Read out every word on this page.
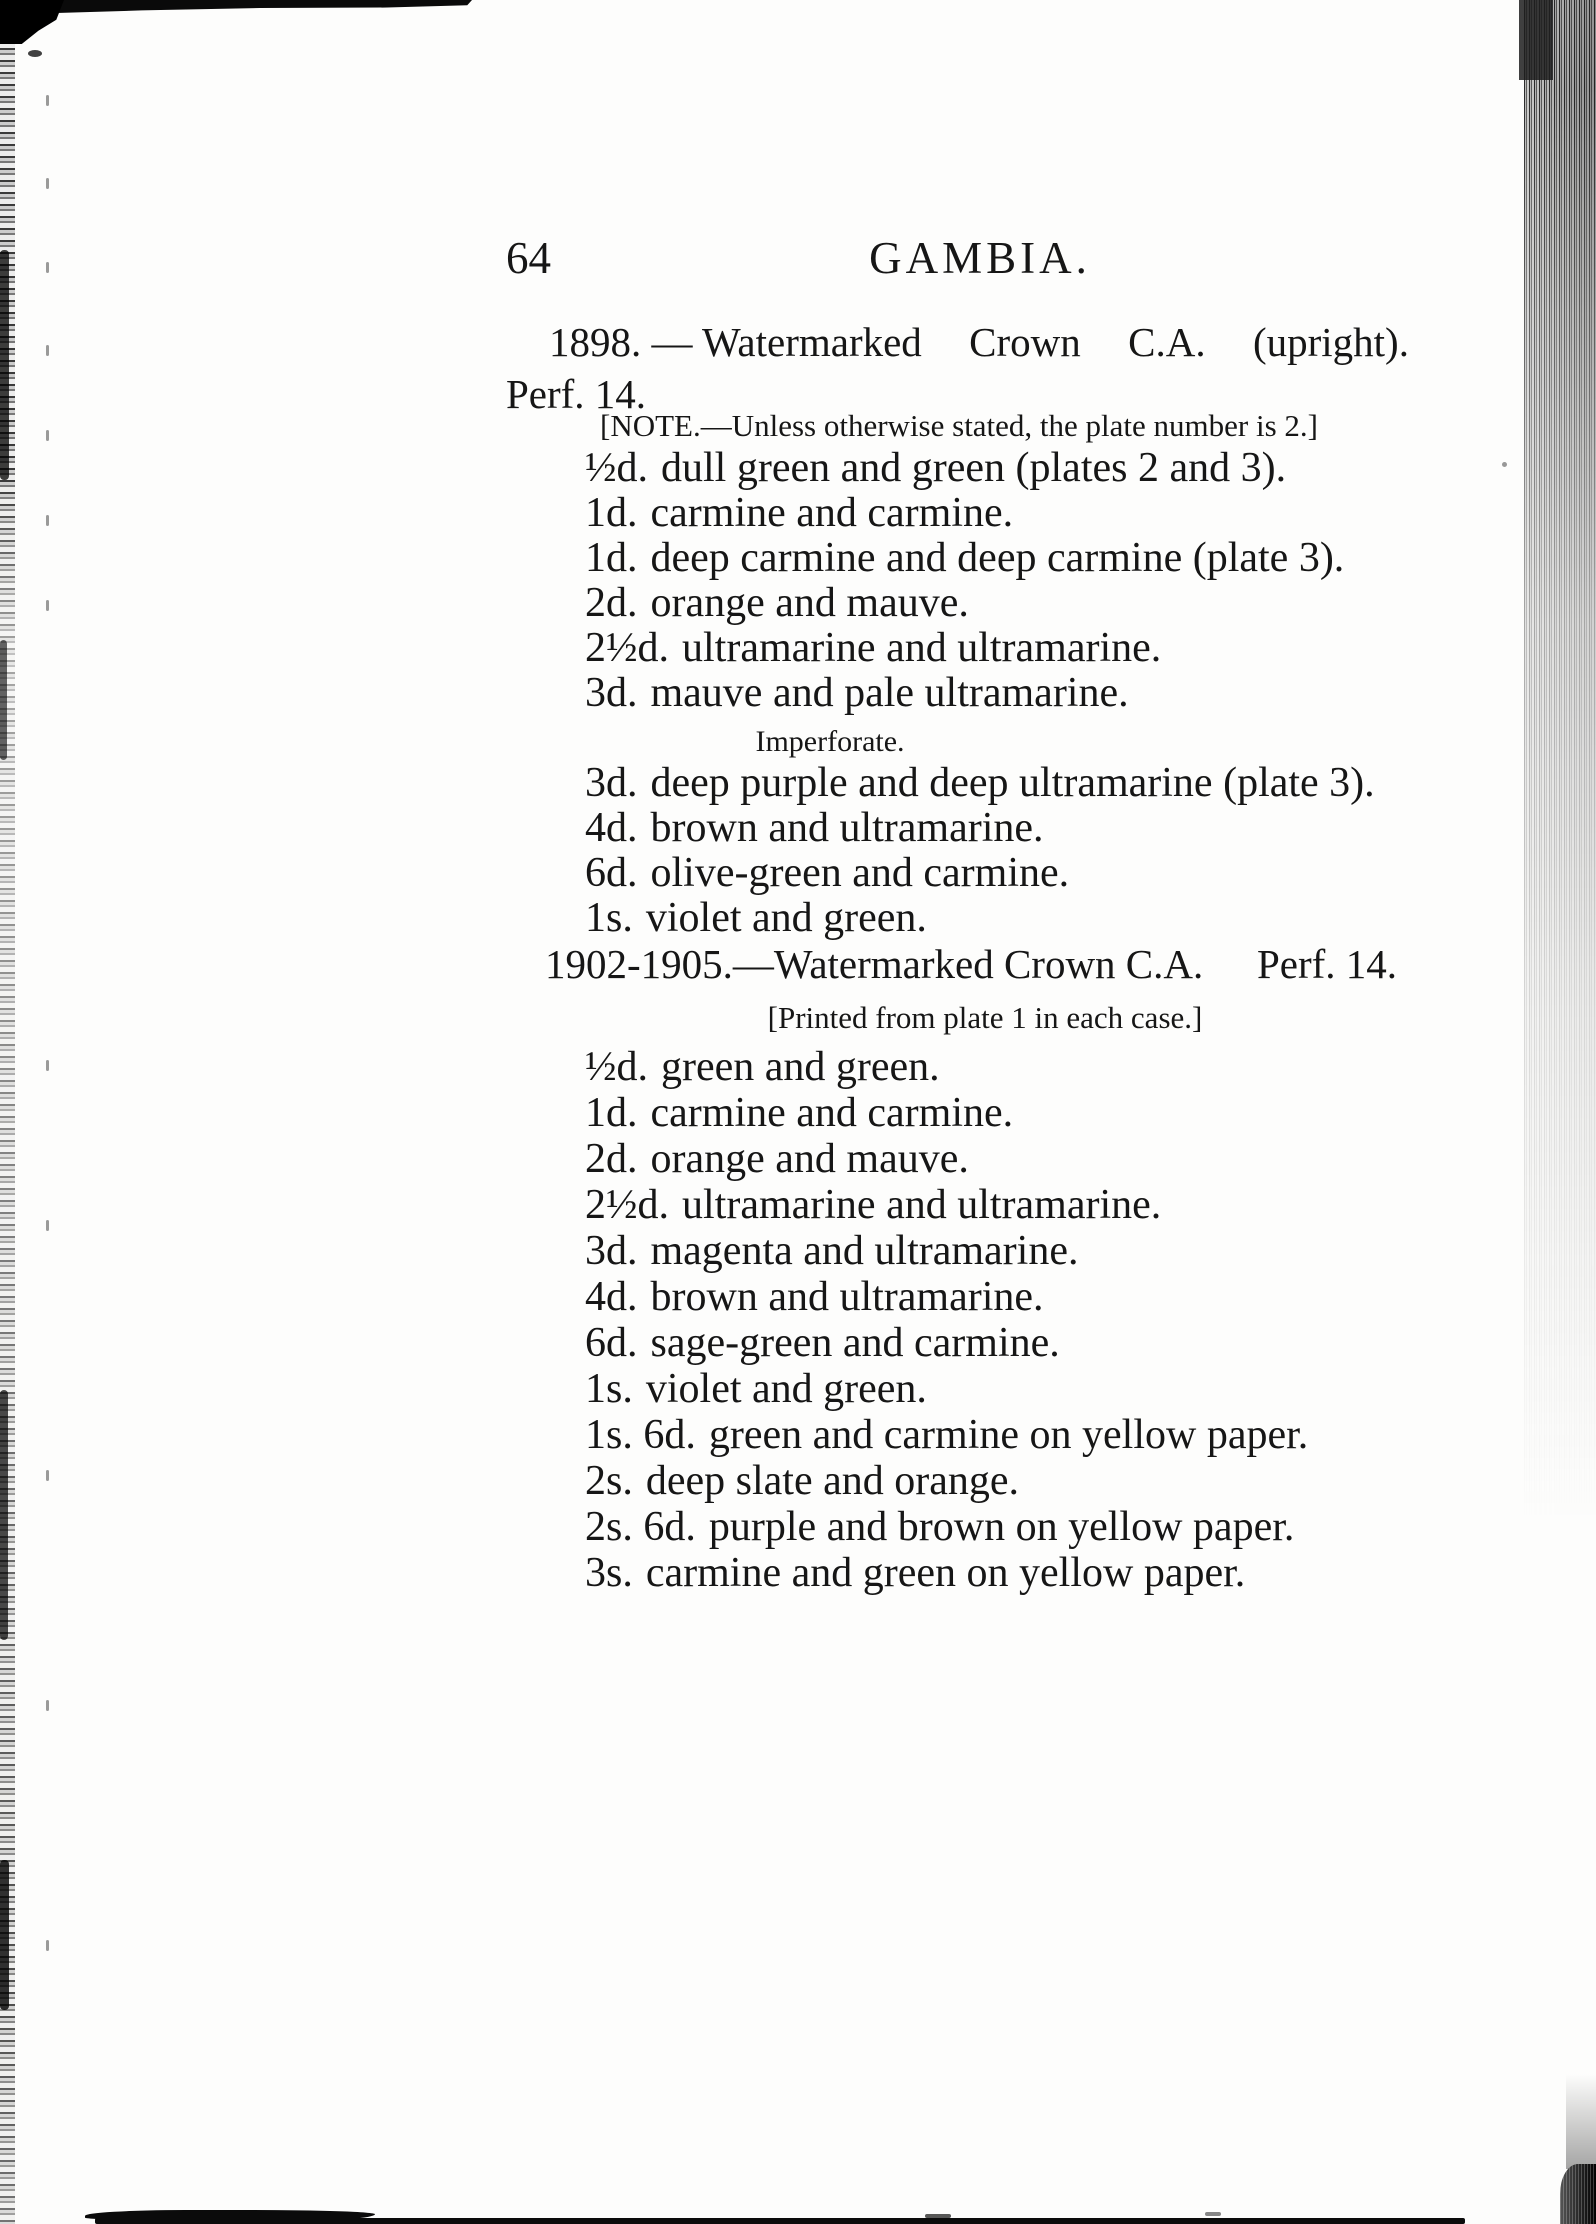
64	GAMBIA.
1898. — Watermarked Crown C.A. (upright).
Perf. 14.
[NOTE.—Unless otherwise stated, the plate number is 2.]
½d. dull green and green (plates 2 and 3).
1d. carmine and carmine.
1d. deep carmine and deep carmine (plate 3).
2d. orange and mauve.
2½d. ultramarine and ultramarine.
3d. mauve and pale ultramarine.
Imperforate.
3d. deep purple and deep ultramarine (plate 3).
4d. brown and ultramarine.
6d. olive-green and carmine.
1s. violet and green.
1902-1905.—Watermarked Crown C.A. Perf. 14.
[Printed from plate 1 in each case.]
½d. green and green.
1d. carmine and carmine.
2d. orange and mauve.
2½d. ultramarine and ultramarine.
3d. magenta and ultramarine.
4d. brown and ultramarine.
6d. sage-green and carmine.
1s. violet and green.
1s. 6d. green and carmine on yellow paper.
2s. deep slate and orange.
2s. 6d. purple and brown on yellow paper.
3s. carmine and green on yellow paper.
